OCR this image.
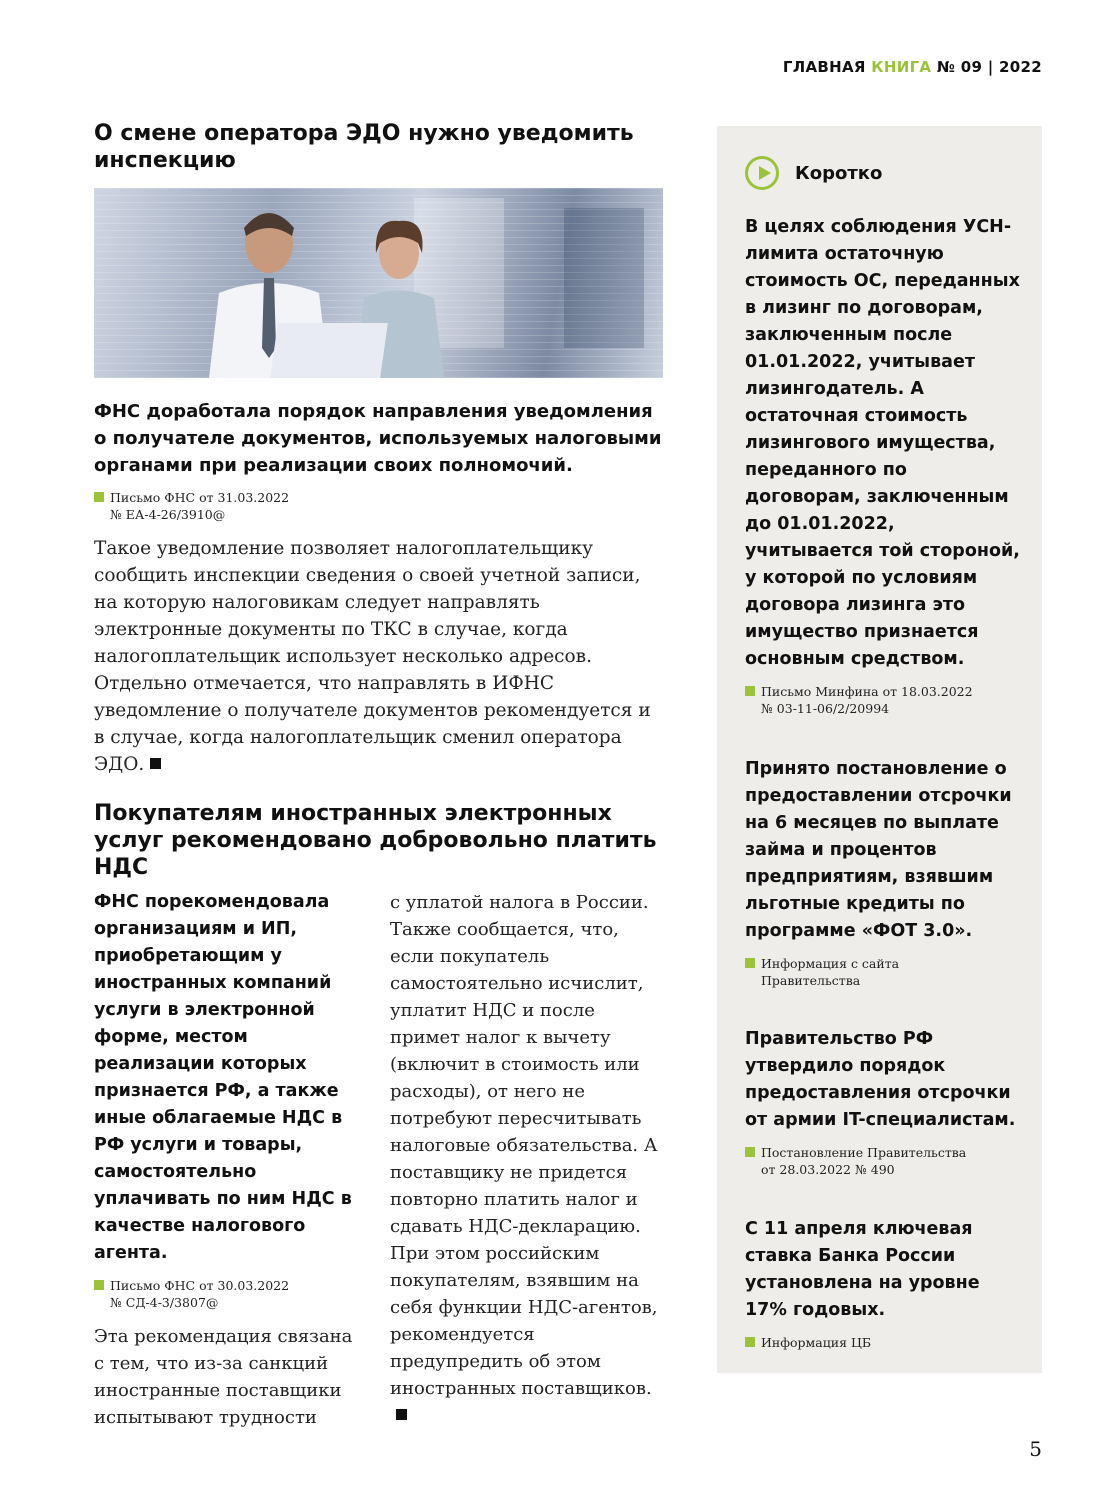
ГЛАВНАЯ КНИГА № 09 | 2022
О смене оператора ЭДО нужно уведомить инспекцию
ФНС доработала порядок направления уведомления о получателе документов, используемых налоговыми органами при реализации своих полномочий.
Письмо ФНС от 31.03.2022
№ ЕА-4-26/3910@
Такое уведомление позволяет налогоплательщику сообщить инспекции сведения о своей учетной записи, на которую налоговикам следует направлять электронные документы по ТКС в случае, когда налогоплательщик использует несколько адресов. Отдельно отмечается, что направлять в ИФНС уведомление о получателе документов рекомендуется и в случае, когда налогоплательщик сменил оператора ЭДО.
Покупателям иностранных электронных услуг рекомендовано добровольно платить НДС
ФНС порекомендовала организациям и ИП, приобретающим у иностранных компаний услуги в электронной форме, местом реализации которых признается РФ, а также иные облагаемые НДС в РФ услуги и товары, самостоятельно уплачивать по ним НДС в качестве налогового агента.
Письмо ФНС от 30.03.2022
№ СД-4-3/3807@
Эта рекомендация связана с тем, что из-за санкций иностранные поставщики испытывают трудности
с уплатой налога в России. Также сообщается, что, если покупатель самостоятельно исчислит, уплатит НДС и после примет налог к вычету (включит в стоимость или расходы), от него не потребуют пересчитывать налоговые обязательства. А поставщику не придется повторно платить налог и сдавать НДС-декларацию. При этом российским покупателям, взявшим на себя функции НДС-агентов, рекомендуется предупредить об этом иностранных поставщиков.
Коротко
В целях соблюдения УСН-лимита остаточную стоимость ОС, переданных в лизинг по договорам, заключенным после 01.01.2022, учитывает лизингодатель. А остаточная стоимость лизингового имущества, переданного по договорам, заключенным до 01.01.2022, учитывается той стороной, у которой по условиям договора лизинга это имущество признается основным средством.
Письмо Минфина от 18.03.2022
№ 03-11-06/2/20994
Принято постановление о предоставлении отсрочки на 6 месяцев по выплате займа и процентов предприятиям, взявшим льготные кредиты по программе «ФОТ 3.0».
Информация с сайта
Правительства
Правительство РФ утвердило порядок предоставления отсрочки от армии IT-специалистам.
Постановление Правительства
от 28.03.2022 № 490
С 11 апреля ключевая ставка Банка России установлена на уровне 17% годовых.
Информация ЦБ
5
